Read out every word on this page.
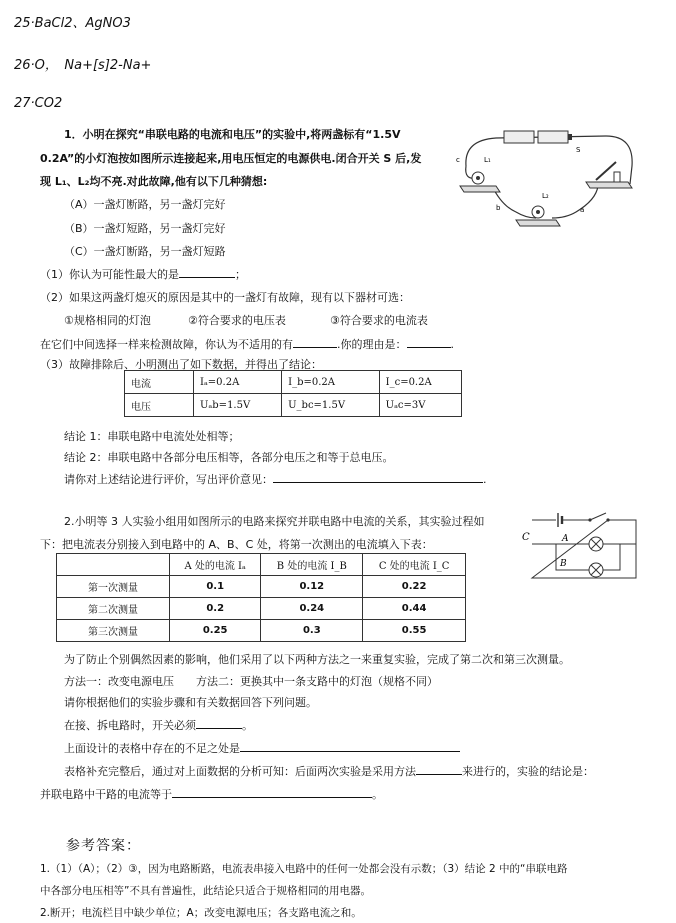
25·BaCl2、AgNO3
26·O，　Na+[s]2-Na+
27·CO2
1．小明在探究“串联电路的电流和电压”的实验中,将两盏标有“1.5V
0.2A”的小灯泡按如图所示连接起来,用电压恒定的电源供电.闭合开关 S 后,发
现 L₁、L₂均不亮.对此故障,他有以下几种猜想:
（A）一盏灯断路，另一盏灯完好
（B）一盏灯短路，另一盏灯完好
（C）一盏灯断路，另一盏灯短路
（1）你认为可能性最大的是	；
（2）如果这两盏灯熄灭的原因是其中的一盏灯有故障，现有以下器材可选：
①规格相同的灯泡	②符合要求的电压表	③符合要求的电流表
在它们中间选择一样来检测故障，你认为不适用的有	.你的理由是：	.
（3）故障排除后、小明测出了如下数据，并得出了结论：
电流	Iₐ=0.2A	I_b=0.2A	I_c=0.2A
电压	Uₐb=1.5V	U_bc=1.5V	Uₐc=3V
结论 1：串联电路中电流处处相等；
结论 2：串联电路中各部分电压相等，各部分电压之和等于总电压。
请你对上述结论进行评价，写出评价意见：	.
L₁
L₂
S
c
b	a
2.小明等 3 人实验小组用如图所示的电路来探究并联电路中电流的关系，其实验过程如
下：把电流表分别接入到电路中的 A、B、C 处，将第一次测出的电流填入下表：
	A 处的电流 Iₐ	B 处的电流 I_B	C 处的电流 I_C
第一次测量	0.1	0.12	0.22
第二次测量	0.2	0.24	0.44
第三次测量	0.25	0.3	0.55
C	A
B
为了防止个别偶然因素的影响，他们采用了以下两种方法之一来重复实验，完成了第二次和第三次测量。
方法一：改变电源电压　　方法二：更换其中一条支路中的灯泡（规格不同）
请你根据他们的实验步骤和有关数据回答下列问题。
在接、拆电路时，开关必须	。
上面设计的表格中存在的不足之处是
表格补充完整后，通过对上面数据的分析可知：后面两次实验是采用方法	来进行的，实验的结论是：
并联电路中干路的电流等于	。
参考答案：
1.（1）（A）；（2）③，因为电路断路，电流表串接入电路中的任何一处都会没有示数；（3）结论 2 中的“串联电路
中各部分电压相等”不具有普遍性，此结论只适合于规格相同的用电器。
2.断开；电流栏目中缺少单位；A；改变电源电压；各支路电流之和。
